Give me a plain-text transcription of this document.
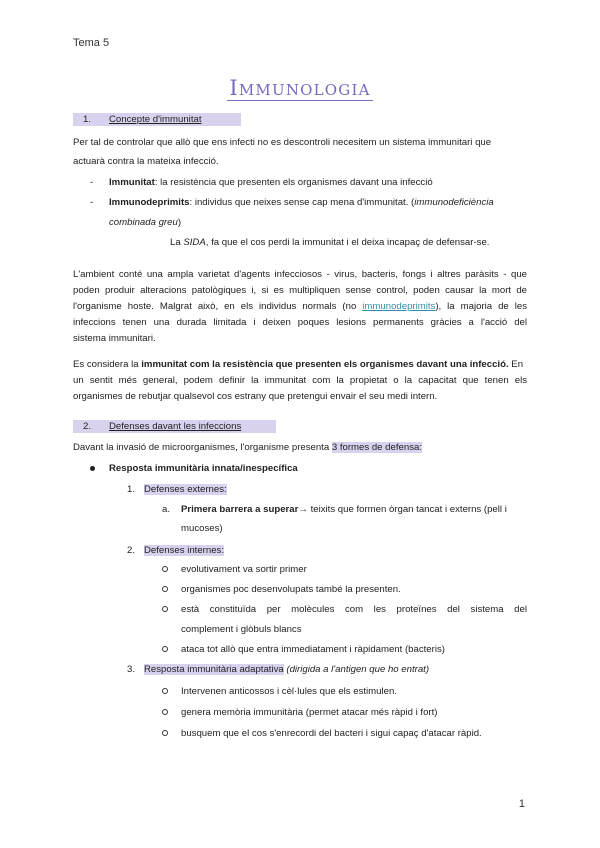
Tema 5
Immunologia
1. Concepte d'immunitat
Per tal de controlar que allò que ens infecti no es descontroli necesitem un sistema immunitari que
actuarà contra la mateixa infecció.
- Immunitat: la resistència que presenten els organismes davant una infecció
- Immunodeprimits: individus que neixes sense cap mena d'immunitat. (immunodeficiència
combinada greu)
La SIDA, fa que el cos perdi la immunitat i el deixa incapaç de defensar-se.
L'ambient conté una ampla varietat d'agents infecciosos - virus, bacteris, fongs i altres paràsits - que
poden produir alteracions patològiques i, si es multipliquen sense control, poden causar la mort de
l'organisme hoste. Malgrat això, en els individus normals (no immunodeprimits), la majoria de les
infeccions tenen una durada limitada i deixen poques lesions permanents gràcies a l'acció del
sistema immunitari.
Es considera la immunitat com la resistència que presenten els organismes davant una infecció. En
un sentit més general, podem definir la immunitat com la propietat o la capacitat que tenen els
organismes de rebutjar qualsevol cos estrany que pretengui envair el seu medi intern.
2. Defenses davant les infeccions
Davant la invasió de microorganismes, l'organisme presenta 3 formes de defensa:
Resposta immunitària innata/inespecífica
1. Defenses externes:
a. Primera barrera a superar→ teixits que formen òrgan tancat i externs (pell i
mucoses)
2. Defenses internes:
evolutivament va sortir primer
organismes poc desenvolupats també la presenten.
està constituïda per molècules com les proteïnes del sistema del
complement i glòbuls blancs
ataca tot allò que entra immediatament i ràpidament (bacteris)
3. Resposta immunitària adaptativa (dirigida a l'antigen que ho entrat)
Intervenen anticossos i cèl·lules que els estimulen.
genera memòria immunitària (permet atacar més ràpid i fort)
busquem que el cos s'enrecordi del bacteri i sigui capaç d'atacar ràpid.
1
